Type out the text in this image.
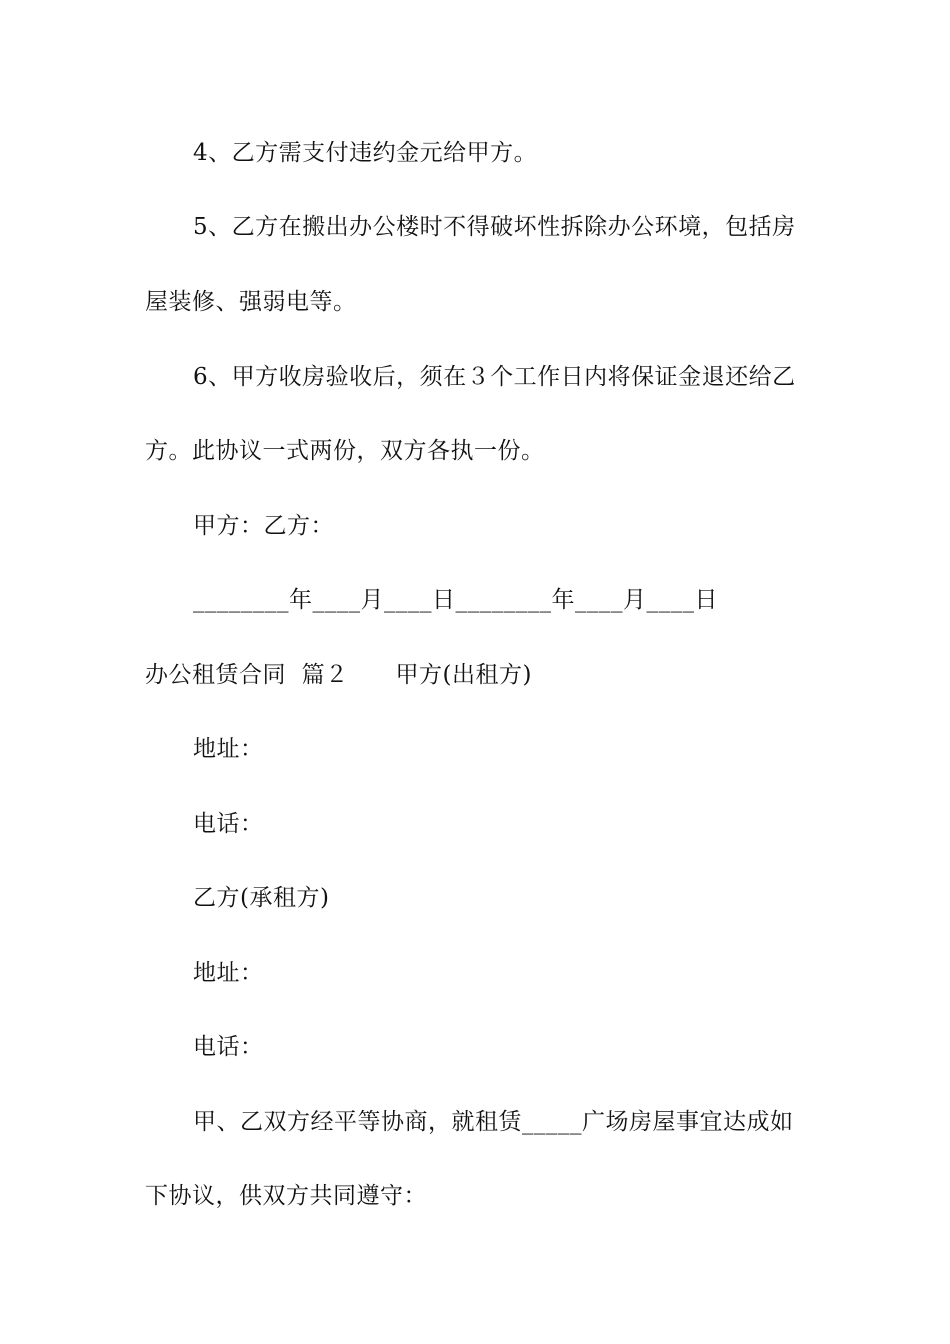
4、乙方需支付违约金元给甲方。
5、乙方在搬出办公楼时不得破坏性拆除办公环境，包括房
屋装修、强弱电等。
6、甲方收房验收后，须在３个工作日内将保证金退还给乙
方。此协议一式两份，双方各执一份。
甲方：乙方：
________年____月____日________年____月____日
办公租赁合同  篇２      甲方(出租方)
地址：
电话：
乙方(承租方)
地址：
电话：
甲、乙双方经平等协商，就租赁_____广场房屋事宜达成如
下协议，供双方共同遵守：
